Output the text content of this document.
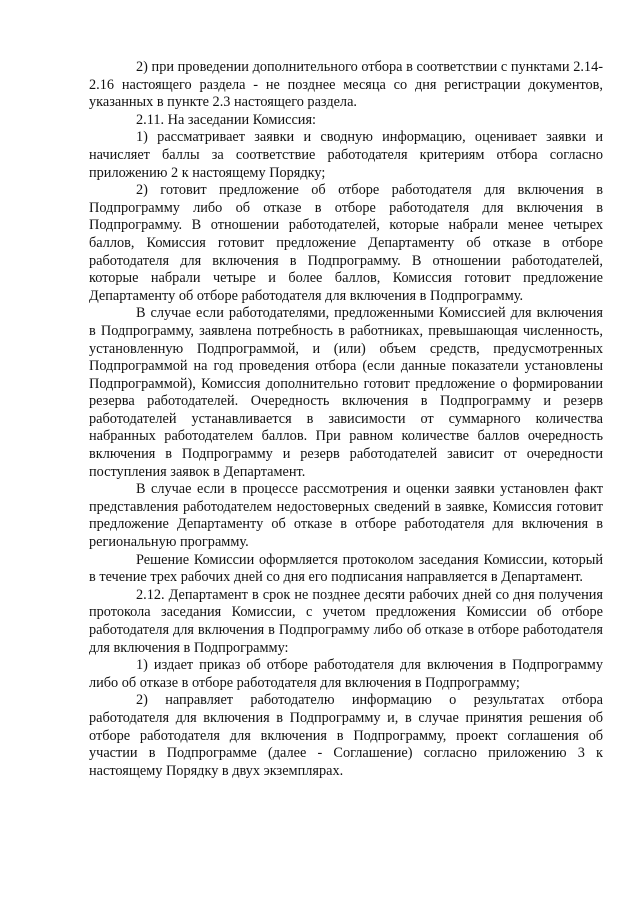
2) при проведении дополнительного отбора в соответствии с пунктами 2.14-2.16 настоящего раздела - не позднее месяца со дня регистрации документов, указанных в пункте 2.3 настоящего раздела.

2.11. На заседании Комиссия:

1) рассматривает заявки и сводную информацию, оценивает заявки и начисляет баллы за соответствие работодателя критериям отбора согласно приложению 2 к настоящему Порядку;

2) готовит предложение об отборе работодателя для включения в Подпрограмму либо об отказе в отборе работодателя для включения в Подпрограмму. В отношении работодателей, которые набрали менее четырех баллов, Комиссия готовит предложение Департаменту об отказе в отборе работодателя для включения в Подпрограмму. В отношении работодателей, которые набрали четыре и более баллов, Комиссия готовит предложение Департаменту об отборе работодателя для включения в Подпрограмму.

В случае если работодателями, предложенными Комиссией для включения в Подпрограмму, заявлена потребность в работниках, превышающая численность, установленную Подпрограммой, и (или) объем средств, предусмотренных Подпрограммой на год проведения отбора (если данные показатели установлены Подпрограммой), Комиссия дополнительно готовит предложение о формировании резерва работодателей. Очередность включения в Подпрограмму и резерв работодателей устанавливается в зависимости от суммарного количества набранных работодателем баллов. При равном количестве баллов очередность включения в Подпрограмму и резерв работодателей зависит от очередности поступления заявок в Департамент.

В случае если в процессе рассмотрения и оценки заявки установлен факт представления работодателем недостоверных сведений в заявке, Комиссия готовит предложение Департаменту об отказе в отборе работодателя для включения в региональную программу.

Решение Комиссии оформляется протоколом заседания Комиссии, который в течение трех рабочих дней со дня его подписания направляется в Департамент.

2.12. Департамент в срок не позднее десяти рабочих дней со дня получения протокола заседания Комиссии, с учетом предложения Комиссии об отборе работодателя для включения в Подпрограмму либо об отказе в отборе работодателя для включения в Подпрограмму:

1) издает приказ об отборе работодателя для включения в Подпрограмму либо об отказе в отборе работодателя для включения в Подпрограмму;

2) направляет работодателю информацию о результатах отбора работодателя для включения в Подпрограмму и, в случае принятия решения об отборе работодателя для включения в Подпрограмму, проект соглашения об участии в Подпрограмме (далее - Соглашение) согласно приложению 3 к настоящему Порядку в двух экземплярах.
